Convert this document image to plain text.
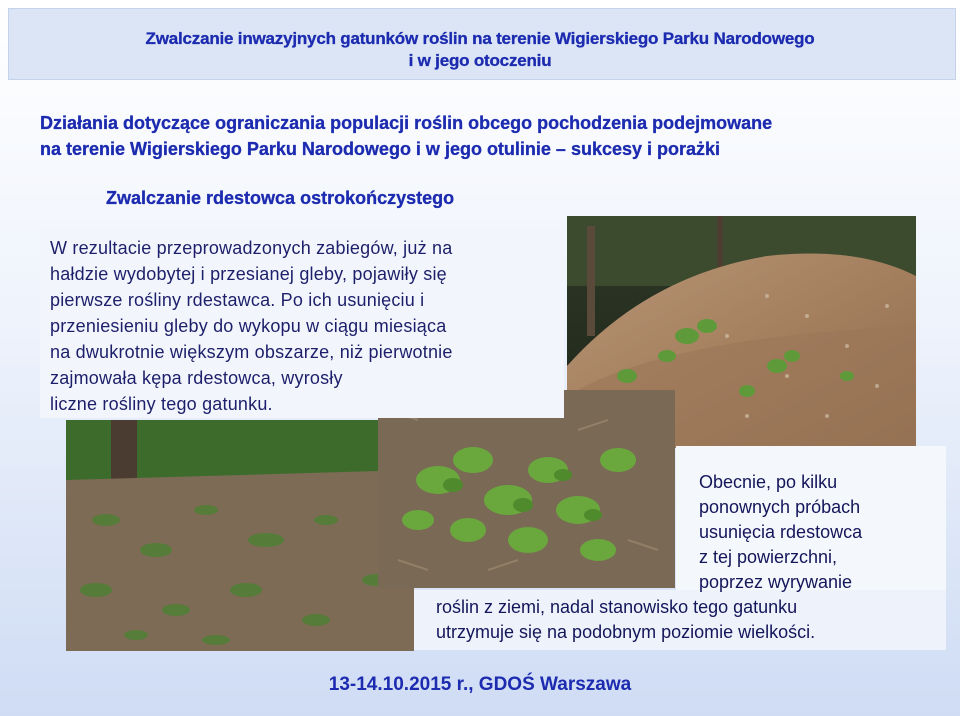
Zwalczanie inwazyjnych gatunków roślin na terenie Wigierskiego Parku Narodowego
i w jego otoczeniu
Działania dotyczące ograniczania populacji roślin obcego pochodzenia podejmowane
na terenie Wigierskiego Parku Narodowego i w jego otulinie – sukcesy i porażki
Zwalczanie rdestowca ostrokończystego
W rezultacie przeprowadzonych zabiegów, już na
hałdzie wydobytej i przesianej gleby, pojawiły się
pierwsze rośliny rdestawca. Po ich usunięciu i
przeniesieniu gleby do wykopu w ciągu miesiąca
na dwukrotnie większym obszarze, niż pierwotnie
zajmowała kępa rdestowca, wyrosły
liczne rośliny tego gatunku.
Obecnie, po kilku
ponownych próbach
usunięcia rdestowca
z tej powierzchni,
poprzez wyrywanie
roślin z ziemi, nadal stanowisko tego gatunku
utrzymuje się na podobnym poziomie wielkości.
13-14.10.2015 r., GDOŚ Warszawa
